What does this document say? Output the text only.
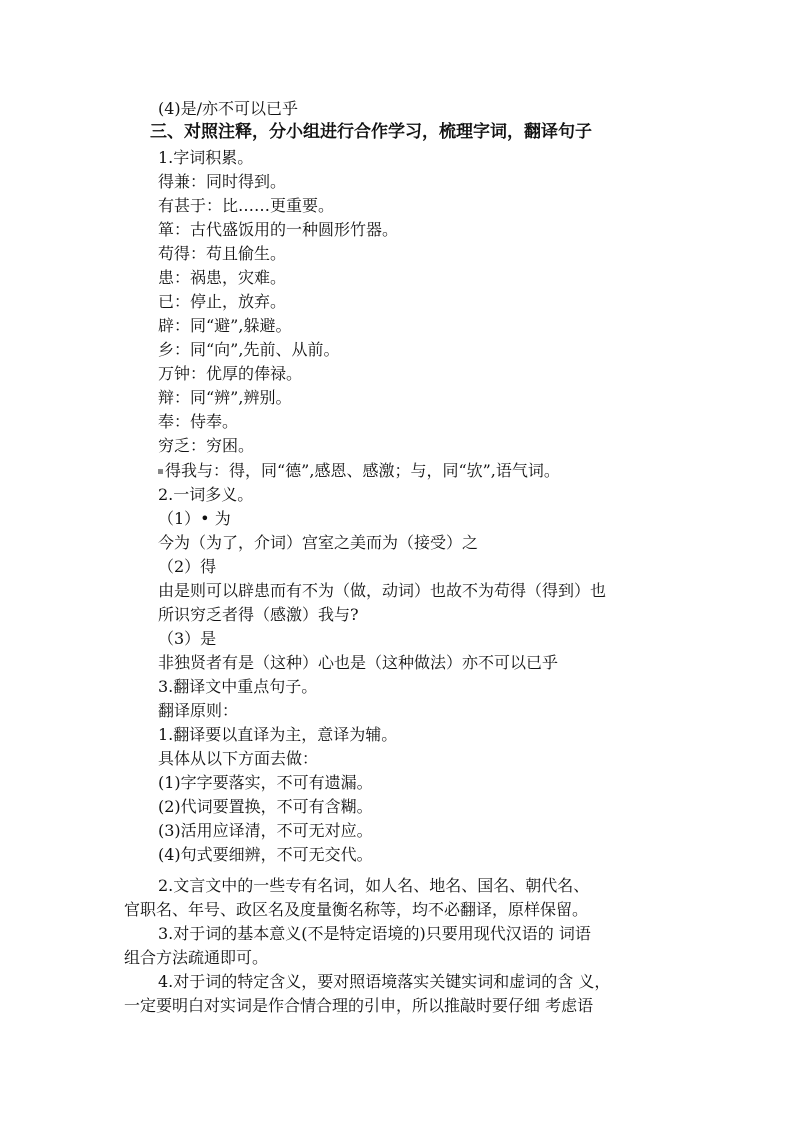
(4)是/亦不可以已乎
三、对照注释，分小组进行合作学习，梳理字词，翻译句子
1.字词积累。
得兼：同时得到。
有甚于：比……更重要。
箪：古代盛饭用的一种圆形竹器。
苟得：苟且偷生。
患：祸患，灾难。
已：停止，放弃。
辟：同“避”,躲避。
乡：同“向”,先前、从前。
万钟：优厚的俸禄。
辩：同“辨”,辨别。
奉：侍奉。
穷乏：穷困。
得我与：得，同“德”,感恩、感激；与，同“欤”,语气词。
2.一词多义。
（1）• 为
今为（为了，介词）宫室之美而为（接受）之
（2）得
由是则可以辟患而有不为（做，动词）也故不为苟得（得到）也
所识穷乏者得（感激）我与?
（3）是
非独贤者有是（这种）心也是（这种做法）亦不可以已乎
3.翻译文中重点句子。
翻译原则：
1.翻译要以直译为主，意译为辅。
具体从以下方面去做：
(1)字字要落实，不可有遗漏。
(2)代词要置换，不可有含糊。
(3)活用应译清，不可无对应。
(4)句式要细辨，不可无交代。
2.文言文中的一些专有名词，如人名、地名、国名、朝代名、
官职名、年号、政区名及度量衡名称等，均不必翻译，原样保留。
3.对于词的基本意义(不是特定语境的)只要用现代汉语的 词语
组合方法疏通即可。
4.对于词的特定含义，要对照语境落实关键实词和虚词的含 义，
一定要明白对实词是作合情合理的引申，所以推敲时要仔细 考虑语
